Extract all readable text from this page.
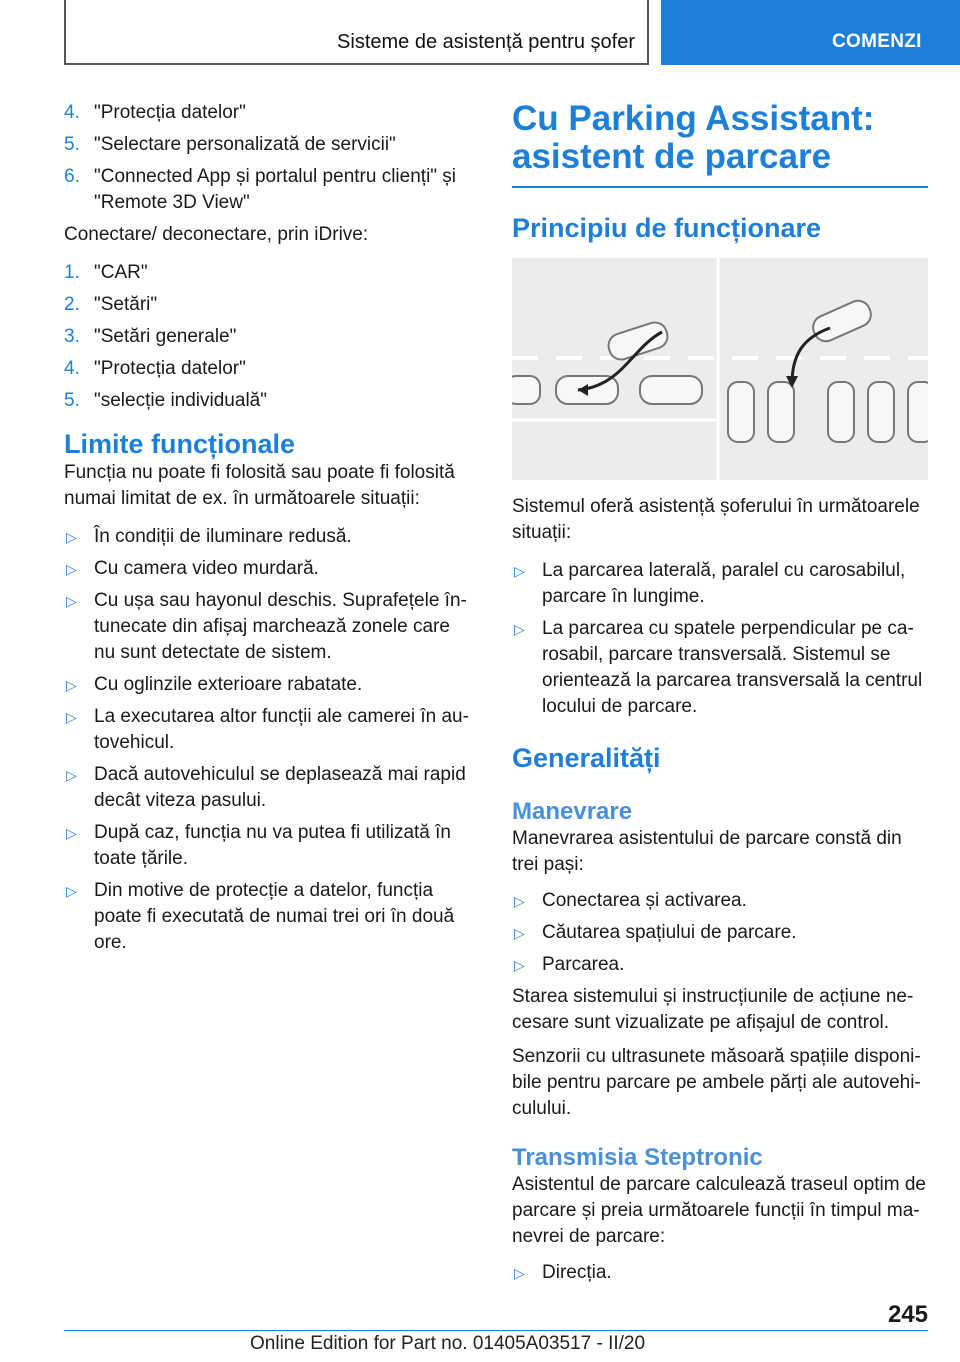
Sisteme de asistență pentru șofer	COMENZI
4. "Protecția datelor"
5. "Selectare personalizată de servicii"
6. "Connected App și portalul pentru clienți" și "Remote 3D View"

Conectare/ deconectare, prin iDrive:

1. "CAR"
2. "Setări"
3. "Setări generale"
4. "Protecția datelor"
5. "selecție individuală"
Limite funcționale

Funcția nu poate fi folosită sau poate fi folosită numai limitat de ex. în următoarele situații:

▷ În condiții de iluminare redusă.
▷ Cu camera video murdară.
▷ Cu ușa sau hayonul deschis. Suprafețele în-tunecate din afișaj marchează zonele care nu sunt detectate de sistem.
▷ Cu oglinzile exterioare rabatate.
▷ La executarea altor funcții ale camerei în au-tovehicul.
▷ Dacă autovehiculul se deplasează mai rapid decât viteza pasului.
▷ După caz, funcția nu va putea fi utilizată în toate țările.
▷ Din motive de protecție a datelor, funcția poate fi executată de numai trei ori în două ore.
Cu Parking Assistant: asistent de parcare
Principiu de funcționare

Sistemul oferă asistență șoferului în următoarele situații:

▷ La parcarea laterală, paralel cu carosabilul, parcare în lungime.
▷ La parcarea cu spatele perpendicular pe ca-rosabil, parcare transversală. Sistemul se orientează la parcarea transversală la centrul locului de parcare.
Generalități
Manevrare

Manevrarea asistentului de parcare constă din trei pași:

▷ Conectarea și activarea.
▷ Căutarea spațiului de parcare.
▷ Parcarea.

Starea sistemului și instrucțiunile de acțiune ne-cesare sunt vizualizate pe afișajul de control.

Senzorii cu ultrasunete măsoară spațiile disponi-bile pentru parcare pe ambele părți ale autovehi-culului.

Transmisia Steptronic

Asistentul de parcare calculează traseul optim de parcare și preia următoarele funcții în timpul ma-nevrei de parcare:

▷ Direcția.
245
Online Edition for Part no. 01405A03517 - II/20
